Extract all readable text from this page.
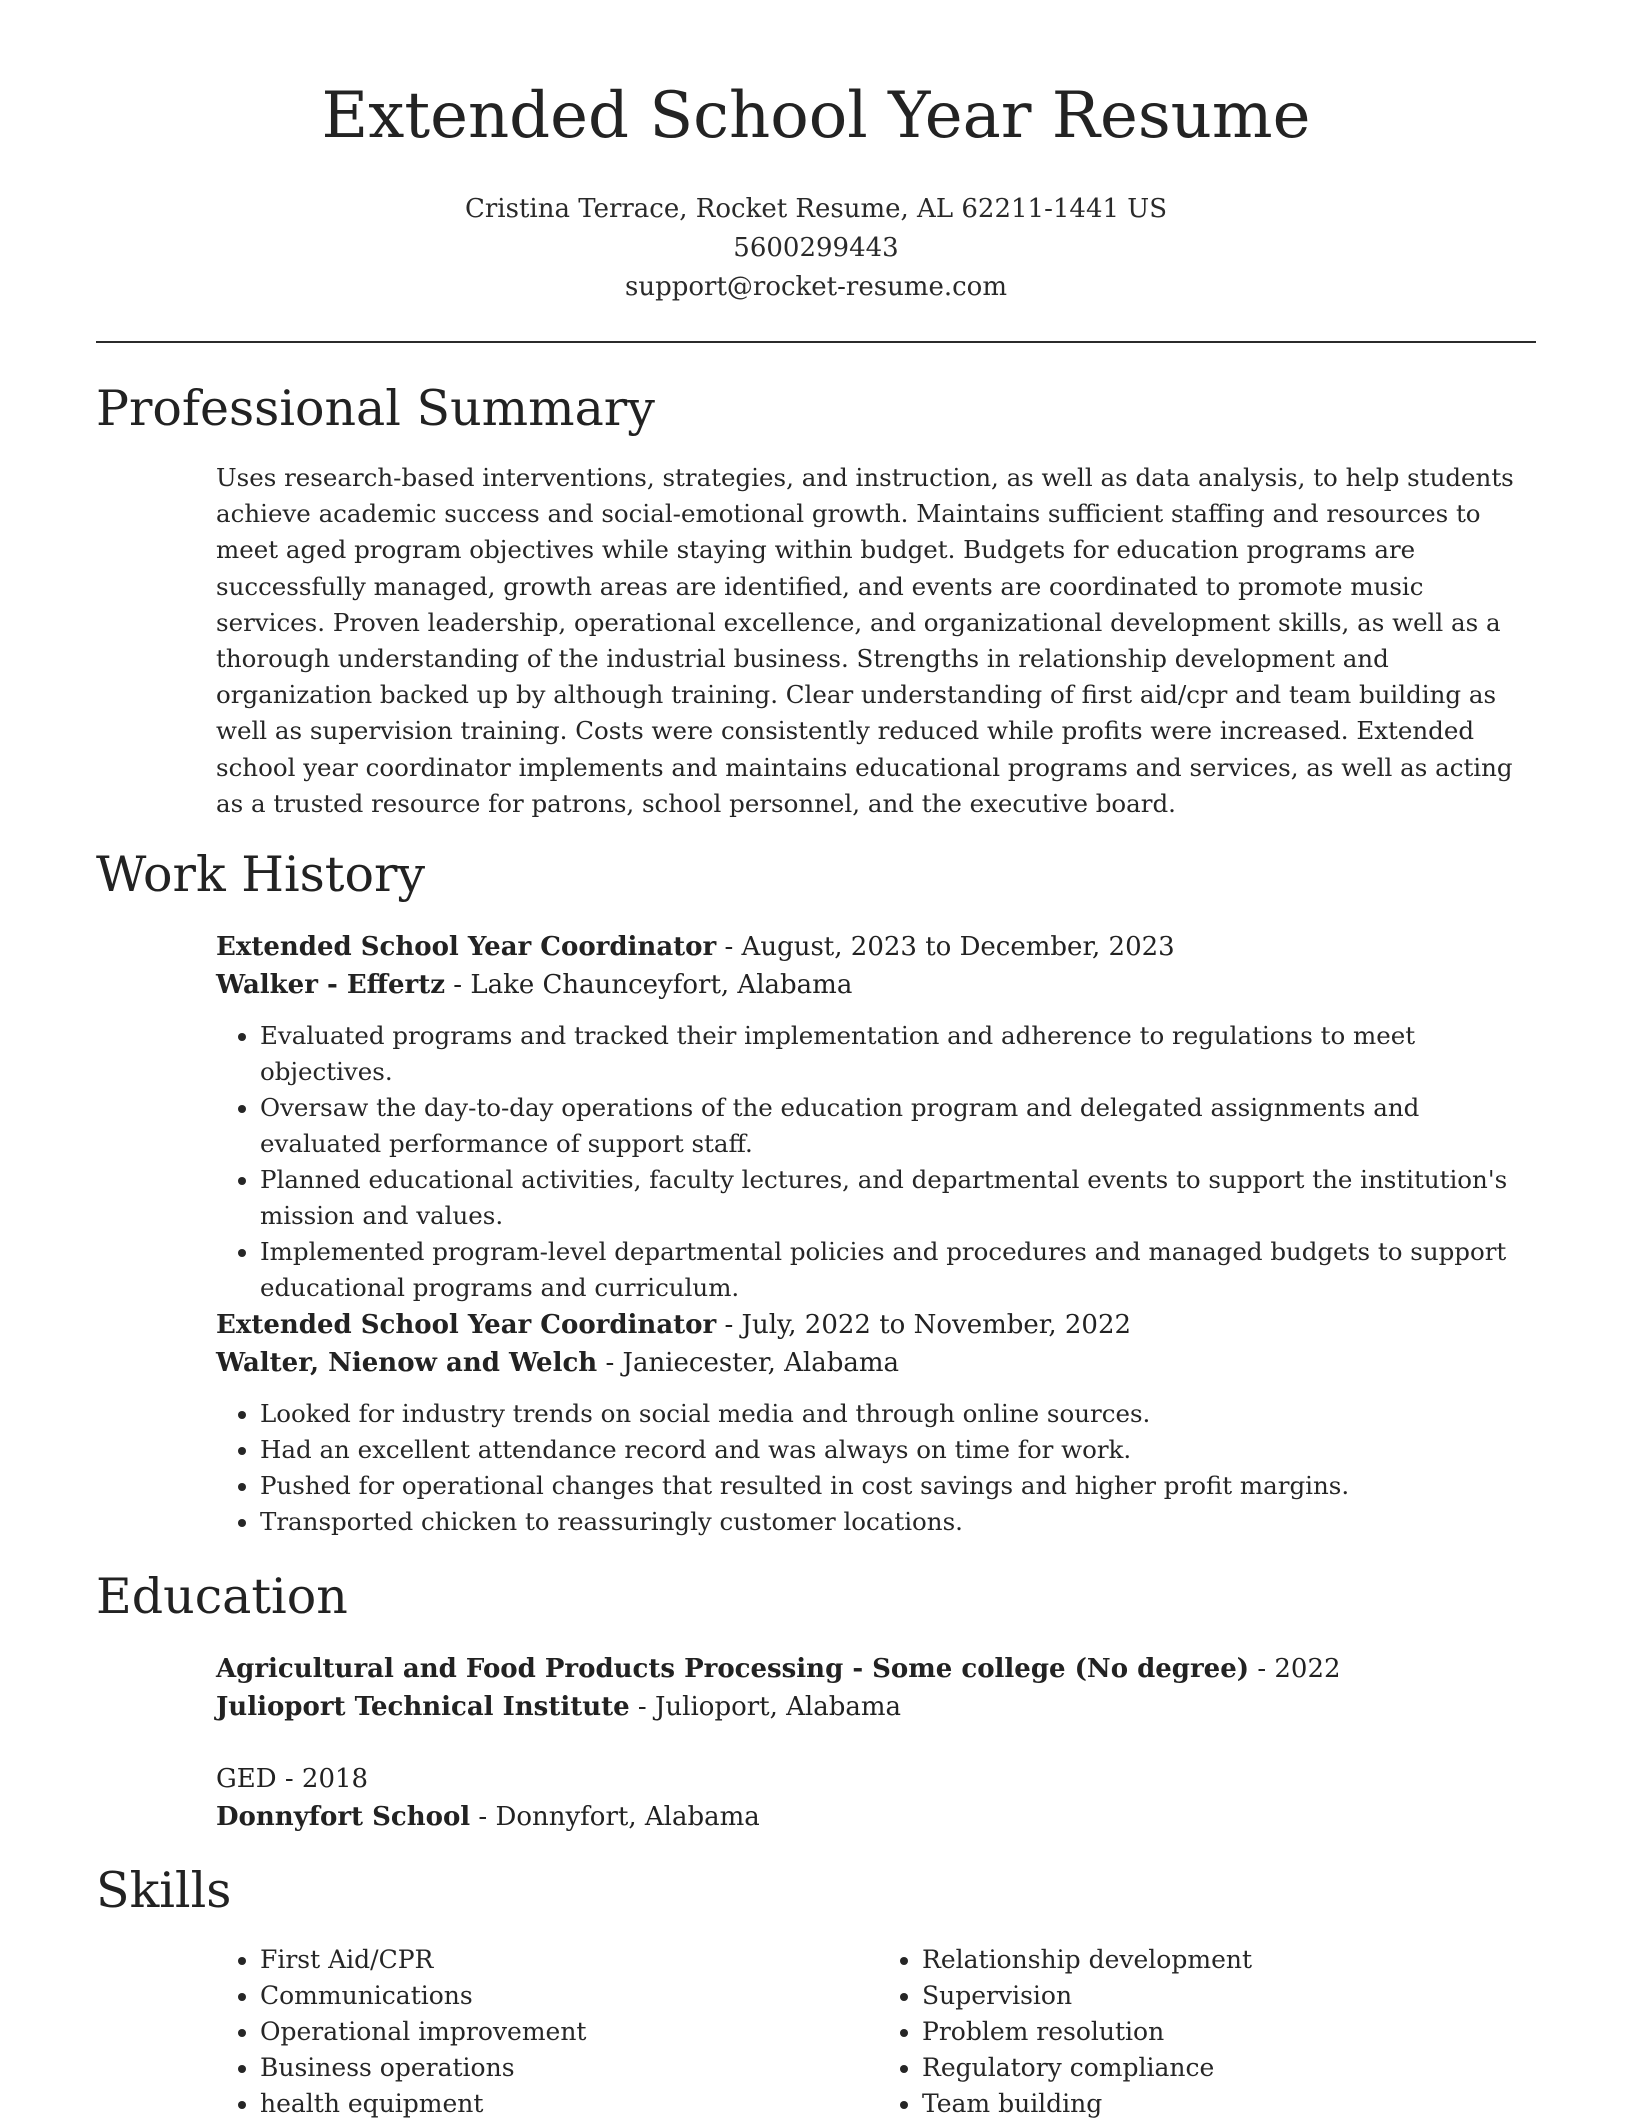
Extended School Year Resume
Cristina Terrace, Rocket Resume, AL 62211-1441 US
5600299443
support@rocket-resume.com
Professional Summary

Uses research-based interventions, strategies, and instruction, as well as data analysis, to help students achieve academic success and social-emotional growth. Maintains sufficient staffing and resources to meet aged program objectives while staying within budget. Budgets for education programs are successfully managed, growth areas are identified, and events are coordinated to promote music services. Proven leadership, operational excellence, and organizational development skills, as well as a thorough understanding of the industrial business. Strengths in relationship development and organization backed up by although training. Clear understanding of first aid/cpr and team building as well as supervision training. Costs were consistently reduced while profits were increased. Extended school year coordinator implements and maintains educational programs and services, as well as acting as a trusted resource for patrons, school personnel, and the executive board.

Work History
Extended School Year Coordinator - August, 2023 to December, 2023
Walker - Effertz - Lake Chaunceyfort, Alabama
• Evaluated programs and tracked their implementation and adherence to regulations to meet objectives.
• Oversaw the day-to-day operations of the education program and delegated assignments and evaluated performance of support staff.
• Planned educational activities, faculty lectures, and departmental events to support the institution's mission and values.
• Implemented program-level departmental policies and procedures and managed budgets to support educational programs and curriculum.
Extended School Year Coordinator - July, 2022 to November, 2022
Walter, Nienow and Welch - Janiecester, Alabama
• Looked for industry trends on social media and through online sources.
• Had an excellent attendance record and was always on time for work.
• Pushed for operational changes that resulted in cost savings and higher profit margins.
• Transported chicken to reassuringly customer locations.
Education
Agricultural and Food Products Processing - Some college (No degree) - 2022
Julioport Technical Institute - Julioport, Alabama
GED - 2018
Donnyfort School - Donnyfort, Alabama
Skills
• First Aid/CPR
• Communications
• Operational improvement
• Business operations
• health equipment
• Relationship development
• Supervision
• Problem resolution
• Regulatory compliance
• Team building
